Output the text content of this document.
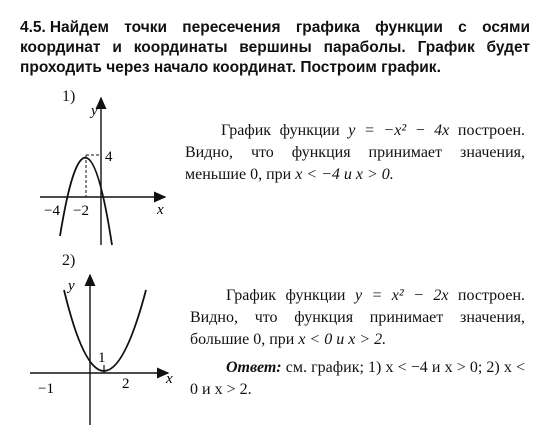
4.5. Найдем точки пересечения графика функции с осями координат и координаты вершины параболы. График будет проходить через начало координат. Построим график.
1)
y
x
4
−4 −2
y
x
1
−1	2
График функции y = −x² − 4x построен. Видно, что функция принимает значения, меньшие 0, при x < −4 и x > 0.
2)
График функции y = x² − 2x построен. Видно, что функция принимает значения, большие 0, при x < 0 и x > 2.
Ответ: см. график; 1) x < −4 и x > 0; 2) x < 0 и x > 2.
